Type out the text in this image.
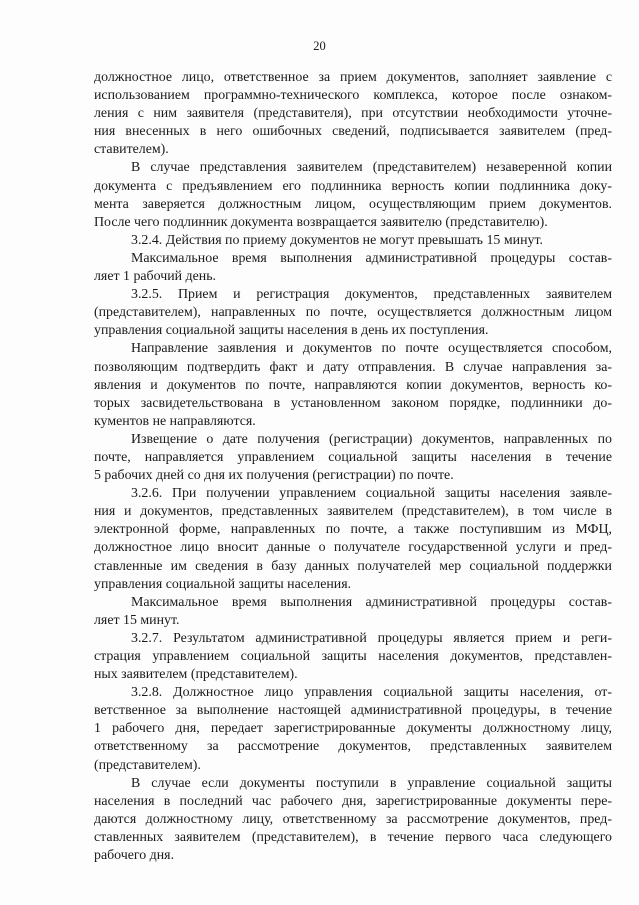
20
должностное лицо, ответственное за прием документов, заполняет заявление с
использованием программно-технического комплекса, которое после ознаком-
ления с ним заявителя (представителя), при отсутствии необходимости уточне-
ния внесенных в него ошибочных сведений, подписывается заявителем (пред-
ставителем).
В случае представления заявителем (представителем) незаверенной копии
документа с предъявлением его подлинника верность копии подлинника доку-
мента заверяется должностным лицом, осуществляющим прием документов.
После чего подлинник документа возвращается заявителю (представителю).
3.2.4. Действия по приему документов не могут превышать 15 минут.
Максимальное время выполнения административной процедуры состав-
ляет 1 рабочий день.
3.2.5. Прием и регистрация документов, представленных заявителем
(представителем), направленных по почте, осуществляется должностным лицом
управления социальной защиты населения в день их поступления.
Направление заявления и документов по почте осуществляется способом,
позволяющим подтвердить факт и дату отправления. В случае направления за-
явления и документов по почте, направляются копии документов, верность ко-
торых засвидетельствована в установленном законом порядке, подлинники до-
кументов не направляются.
Извещение о дате получения (регистрации) документов, направленных по
почте, направляется управлением социальной защиты населения в течение
5 рабочих дней со дня их получения (регистрации) по почте.
3.2.6. При получении управлением социальной защиты населения заявле-
ния и документов, представленных заявителем (представителем), в том числе в
электронной форме, направленных по почте, а также поступившим из МФЦ,
должностное лицо вносит данные о получателе государственной услуги и пред-
ставленные им сведения в базу данных получателей мер социальной поддержки
управления социальной защиты населения.
Максимальное время выполнения административной процедуры состав-
ляет 15 минут.
3.2.7. Результатом административной процедуры является прием и реги-
страция управлением социальной защиты населения документов, представлен-
ных заявителем (представителем).
3.2.8. Должностное лицо управления социальной защиты населения, от-
ветственное за выполнение настоящей административной процедуры, в течение
1 рабочего дня, передает зарегистрированные документы должностному лицу,
ответственному за рассмотрение документов, представленных заявителем
(представителем).
В случае если документы поступили в управление социальной защиты
населения в последний час рабочего дня, зарегистрированные документы пере-
даются должностному лицу, ответственному за рассмотрение документов, пред-
ставленных заявителем (представителем), в течение первого часа следующего
рабочего дня.
